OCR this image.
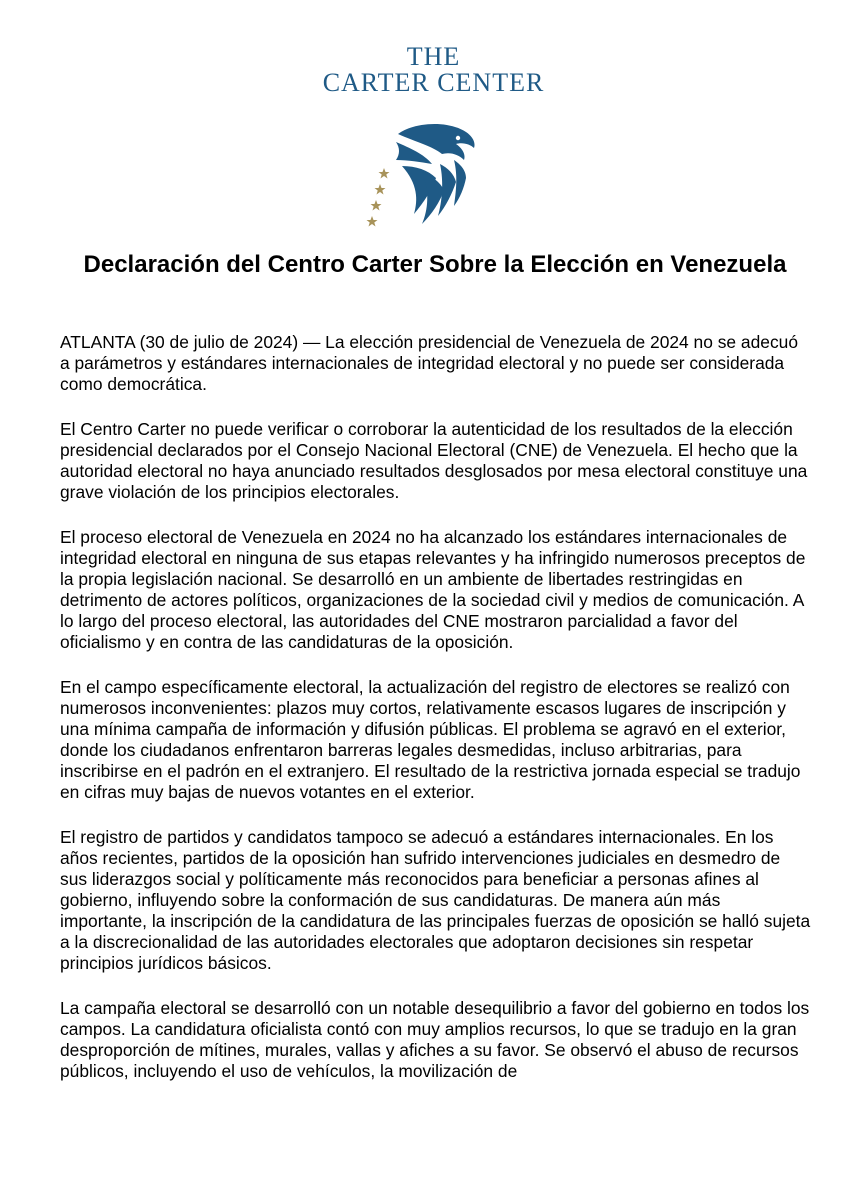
THE
CARTER CENTER
Declaración del Centro Carter Sobre la Elección en Venezuela

ATLANTA (30 de julio de 2024) — La elección presidencial de Venezuela de 2024 no se adecuó a parámetros y estándares internacionales de integridad electoral y no puede ser considerada como democrática.

El Centro Carter no puede verificar o corroborar la autenticidad de los resultados de la elección presidencial declarados por el Consejo Nacional Electoral (CNE) de Venezuela. El hecho que la autoridad electoral no haya anunciado resultados desglosados por mesa electoral constituye una grave violación de los principios electorales.

El proceso electoral de Venezuela en 2024 no ha alcanzado los estándares internacionales de integridad electoral en ninguna de sus etapas relevantes y ha infringido numerosos preceptos de la propia legislación nacional. Se desarrolló en un ambiente de libertades restringidas en detrimento de actores políticos, organizaciones de la sociedad civil y medios de comunicación. A lo largo del proceso electoral, las autoridades del CNE mostraron parcialidad a favor del oficialismo y en contra de las candidaturas de la oposición.

En el campo específicamente electoral, la actualización del registro de electores se realizó con numerosos inconvenientes: plazos muy cortos, relativamente escasos lugares de inscripción y una mínima campaña de información y difusión públicas. El problema se agravó en el exterior, donde los ciudadanos enfrentaron barreras legales desmedidas, incluso arbitrarias, para inscribirse en el padrón en el extranjero. El resultado de la restrictiva jornada especial se tradujo en cifras muy bajas de nuevos votantes en el exterior.

El registro de partidos y candidatos tampoco se adecuó a estándares internacionales. En los años recientes, partidos de la oposición han sufrido intervenciones judiciales en desmedro de sus liderazgos social y políticamente más reconocidos para beneficiar a personas afines al gobierno, influyendo sobre la conformación de sus candidaturas. De manera aún más importante, la inscripción de la candidatura de las principales fuerzas de oposición se halló sujeta a la discrecionalidad de las autoridades electorales que adoptaron decisiones sin respetar principios jurídicos básicos.

La campaña electoral se desarrolló con un notable desequilibrio a favor del gobierno en todos los campos. La candidatura oficialista contó con muy amplios recursos, lo que se tradujo en la gran desproporción de mítines, murales, vallas y afiches a su favor. Se observó el abuso de recursos públicos, incluyendo el uso de vehículos, la movilización de
